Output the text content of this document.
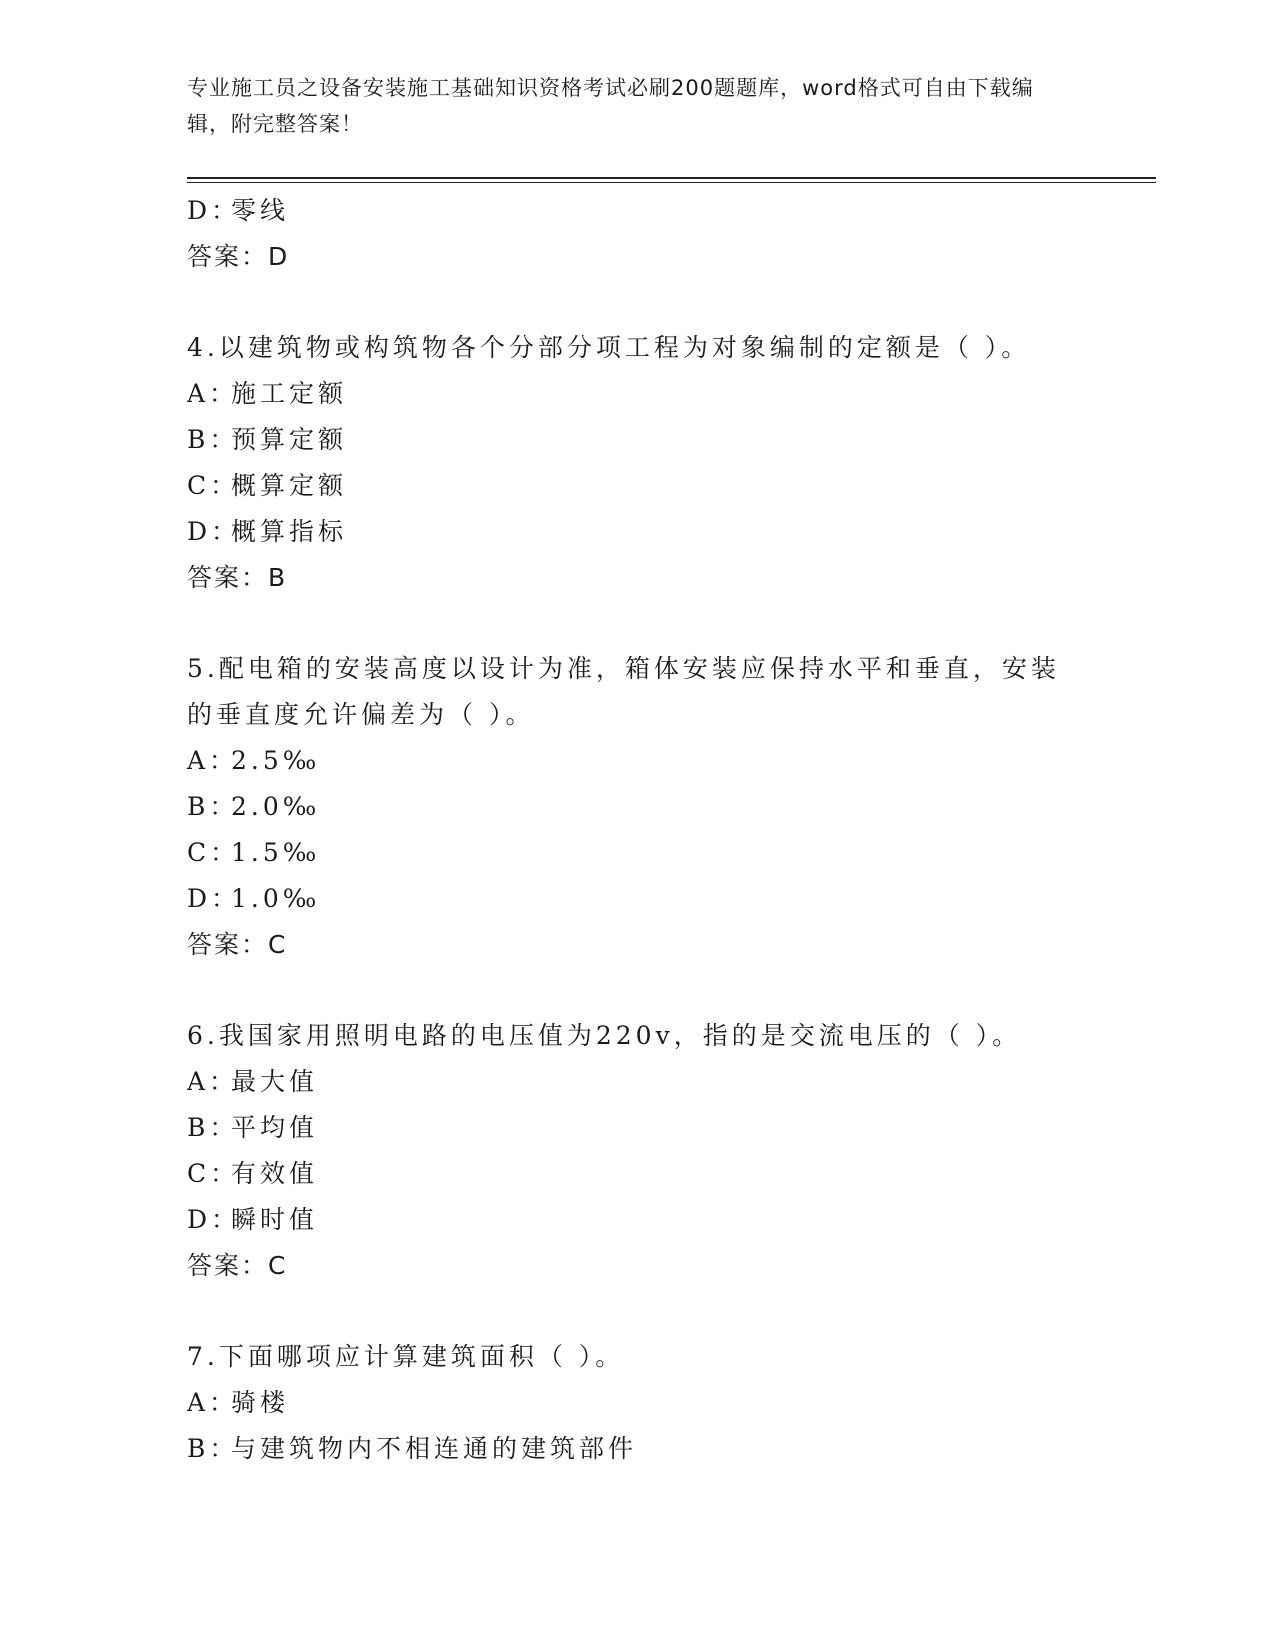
专业施工员之设备安装施工基础知识资格考试必刷200题题库，word格式可自由下载编辑，附完整答案！
D：零线
答案：D
4.以建筑物或构筑物各个分部分项工程为对象编制的定额是（ ）。
A：施工定额
B：预算定额
C：概算定额
D：概算指标
答案：B
5.配电箱的安装高度以设计为准，箱体安装应保持水平和垂直，安装的垂直度允许偏差为（ ）。
A：2.5‰
B：2.0‰
C：1.5‰
D：1.0‰
答案：C
6.我国家用照明电路的电压值为220v，指的是交流电压的（ ）。
A：最大值
B：平均值
C：有效值
D：瞬时值
答案：C
7.下面哪项应计算建筑面积（ ）。
A：骑楼
B：与建筑物内不相连通的建筑部件
